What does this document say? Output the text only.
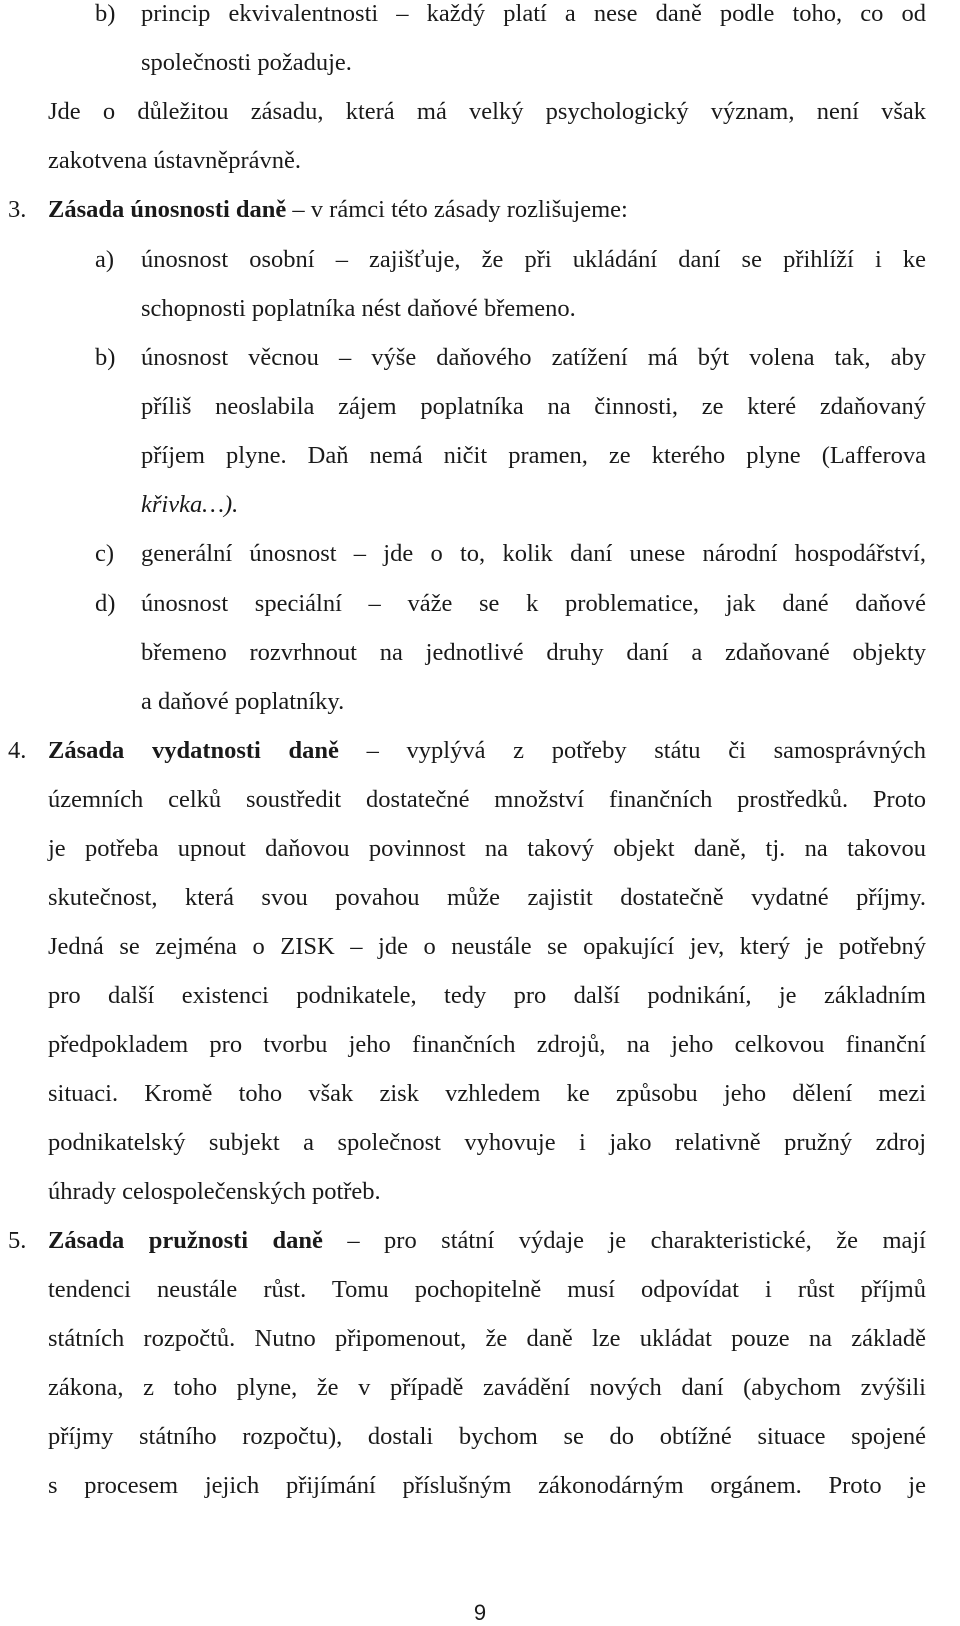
b) princip ekvivalentnosti – každý platí a nese daně podle toho, co od
společnosti požaduje.
Jde o důležitou zásadu, která má velký psychologický význam, není však
zakotvena ústavněprávně.
3. Zásada únosnosti daně – v rámci této zásady rozlišujeme:
a) únosnost osobní – zajišťuje, že při ukládání daní se přihlíží i ke
schopnosti poplatníka nést daňové břemeno.
b) únosnost věcnou – výše daňového zatížení má být volena tak, aby
příliš neoslabila zájem poplatníka na činnosti, ze které zdaňovaný
příjem plyne. Daň nemá ničit pramen, ze kterého plyne (Lafferova
křivka…).
c) generální únosnost – jde o to, kolik daní unese národní hospodářství,
d) únosnost speciální – váže se k problematice, jak dané daňové
břemeno rozvrhnout na jednotlivé druhy daní a zdaňované objekty
a daňové poplatníky.
4. Zásada vydatnosti daně – vyplývá z potřeby státu či samosprávných
územních celků soustředit dostatečné množství finančních prostředků. Proto
je potřeba upnout daňovou povinnost na takový objekt daně, tj. na takovou
skutečnost, která svou povahou může zajistit dostatečně vydatné příjmy.
Jedná se zejména o ZISK – jde o neustále se opakující jev, který je potřebný
pro další existenci podnikatele, tedy pro další podnikání, je základním
předpokladem pro tvorbu jeho finančních zdrojů, na jeho celkovou finanční
situaci. Kromě toho však zisk vzhledem ke způsobu jeho dělení mezi
podnikatelský subjekt a společnost vyhovuje i jako relativně pružný zdroj
úhrady celospolečenských potřeb.
5. Zásada pružnosti daně – pro státní výdaje je charakteristické, že mají
tendenci neustále růst. Tomu pochopitelně musí odpovídat i růst příjmů
státních rozpočtů. Nutno připomenout, že daně lze ukládat pouze na základě
zákona, z toho plyne, že v případě zavádění nových daní (abychom zvýšili
příjmy státního rozpočtu), dostali bychom se do obtížné situace spojené
s procesem jejich přijímání příslušným zákonodárným orgánem. Proto je
9
